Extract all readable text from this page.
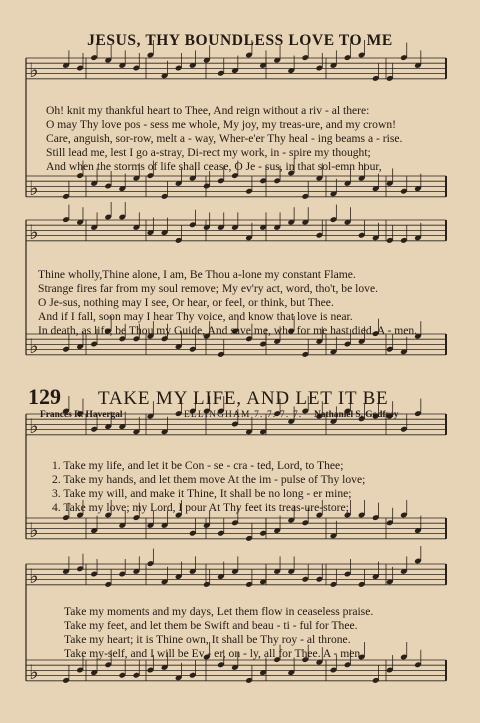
♭
♭
♭
♭
♭
♭
♭
♭
JESUS, THY BOUNDLESS LOVE TO ME
Oh! knit my thankful heart to Thee, And reign without a riv - al there:
O may Thy love pos - sess me whole, My joy, my treas-ure, and my crown!
Care, anguish, sor-row, melt a - way, Wher-e'er Thy heal - ing beams a - rise.
Still lead me, lest I go a-stray, Di-rect my work, in - spire my thought;
And when the storms of life shall cease, O Je - sus, in that sol-emn hour,
Thine wholly,Thine alone, I am, Be Thou a-lone my constant Flame.
Strange fires far from my soul remove; My ev'ry act, word, tho't, be love.
O Je-sus, nothing may I see, Or hear, or feel, or think, but Thee.
And if I fall, soon may I hear Thy voice, and know that love is near.
In death, as life, be Thou my Guide, And save me, who for me hast died. A - men.
129 TAKE MY LIFE, AND LET IT BE
Frances R. Havergal	ELLINGHAM 7. 7. 7. 7. Nathaniel S. Godfrey
1. Take my life, and let it be Con - se - cra - ted, Lord, to Thee;
2. Take my hands, and let them move At the im - pulse of Thy love;
3. Take my will, and make it Thine, It shall be no long - er mine;
4. Take my love; my Lord, I pour At Thy feet its treas-ure-store;
Take my moments and my days, Let them flow in ceaseless praise.
Take my feet, and let them be Swift and beau - ti - ful for Thee.
Take my heart; it is Thine own, It shall be Thy roy - al throne.
Take my-self, and I will be Ev - er, on - ly, all for Thee. A - men.
